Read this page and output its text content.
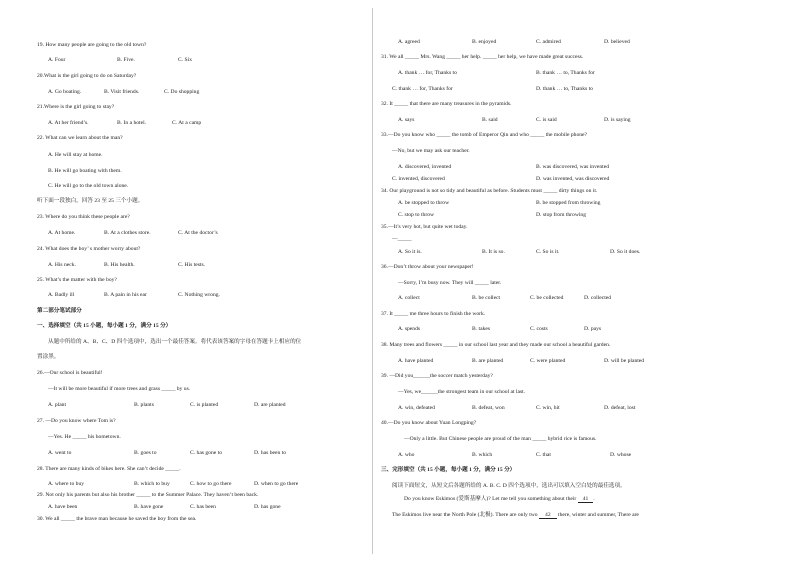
19. How many people are going to the old town?
A. Four	B. Five.	C. Six
20.What is the girl going to do on Saturday?
A. Go boating.	B. Visit friends.	C. Do shopping
21.Where is the girl going to stay?
A. At her friend’s.	B. In a hotel.	C. At a camp
22. What can we learn about the man?
A. He will stay at home.
B. He will go boating with them.
C. He will go to the old town alone.
听下面一段独白，回答 23 至 25 三个小题。
23. Where do you think these people are?
A. At home.	B. At a clothes store.	C. At the doctor’s
24. What does the boy’ s mother worry about?
A. His neck.	B. His health.	C. His tests.
25. What’s the matter with the boy?
A. Badly ill	B. A pain in his ear	C. Nothing wrong.
第二部分笔试部分
一、选择填空（共 15 小题，每小题 1 分，满分 15 分）
从题中所给的 A、B、C、D 四个选项中，选出一个最佳答案。将代表该答案的字母在答题卡上相应的位
置涂黑。
26.—Our school is beautiful!
—It will be more beautiful if more trees and grass _____ by us.
A. plant	B. plants	C. is planted	D. are planted
27. —Do you know where Tom is?
—Yes. He _____ his hometown.
A. went to	B. goes to	C. has gone to	D. has been to
28. There are many kinds of bikes here. She can’t decide _____.
A. where to buy	B. which to buy	C. how to go there	D. when to go there
29. Not only his parents but also his brother _____ to the Summer Palace. They haven’t been back.
A. have been	B. have gone	C. has been	D. has gone
30. We all _____ the brave man because he saved the boy from the sea.
A. agreed	B. enjoyed	C. admired	D. believed
31. We all _____ Mrs. Wang _____ her help. _____ her help, we have made great success.
A. thank … for, Thanks to	B. thank … to, Thanks for
C. thank … for, Thanks for	D. thank … to, Thanks to
32. It _____ that there are many treasures in the pyramids.
A. says	B. said	C. is said	D. is saying
33.—Do you know who _____ the tomb of Emperor Qin and who _____ the mobile phone?
—No, but we may ask our teacher.
A. discovered, invented	B. was discovered, was invented
C. invented, discovered	D. was invented, was discovered
34. Our playground is not so tidy and beautiful as before. Students must _____ dirty things on it.
A. be stopped to throw	B. be stopped from throwing
C. stop to throw	D. stop from throwing
35.—It’s very hot, but quite wet today.
—_____
A. So it is.	B. It is so.	C. So is it.	D. So it does.
36.—Don’t throw about your newspaper!
—Sorry, I’m busy now. They will _____ later.
A. collect	B. be collect	C. be collected	D. collected
37. It _____ me three hours to finish the work.
A. spends	B. takes	C. costs	D. pays
38. Many trees and flowers _____ in our school last year and they made our school a beautiful garden.
A. have planted	B. are planted	C. were planted	D. will be planted
39. —Did you______the soccer match yesterday?
—Yes, we______the strongest team in our school at last.
A. win, defeated	B. defeat, won	C. win, hit	D. defeat, lost
40.—Do you know about Yuan Longping?
—Only a little. But Chinese people are proud of the man _____ hybrid rice is famous.
A. who	B. which	C. that	D. whose
三、完形填空（共 15 小题，每小题 1 分，满分 15 分）
阅读下面短文，从短文后各题所给的 A. B. C. D 四个选项中，选出可以填入空白处的最佳选项。
Do you know Eskimos (爱斯基摩人)? Let me tell you something about their 41 .
The Eskimos live near the North Pole (北极). There are only two 42 there, winter and summer, There are
